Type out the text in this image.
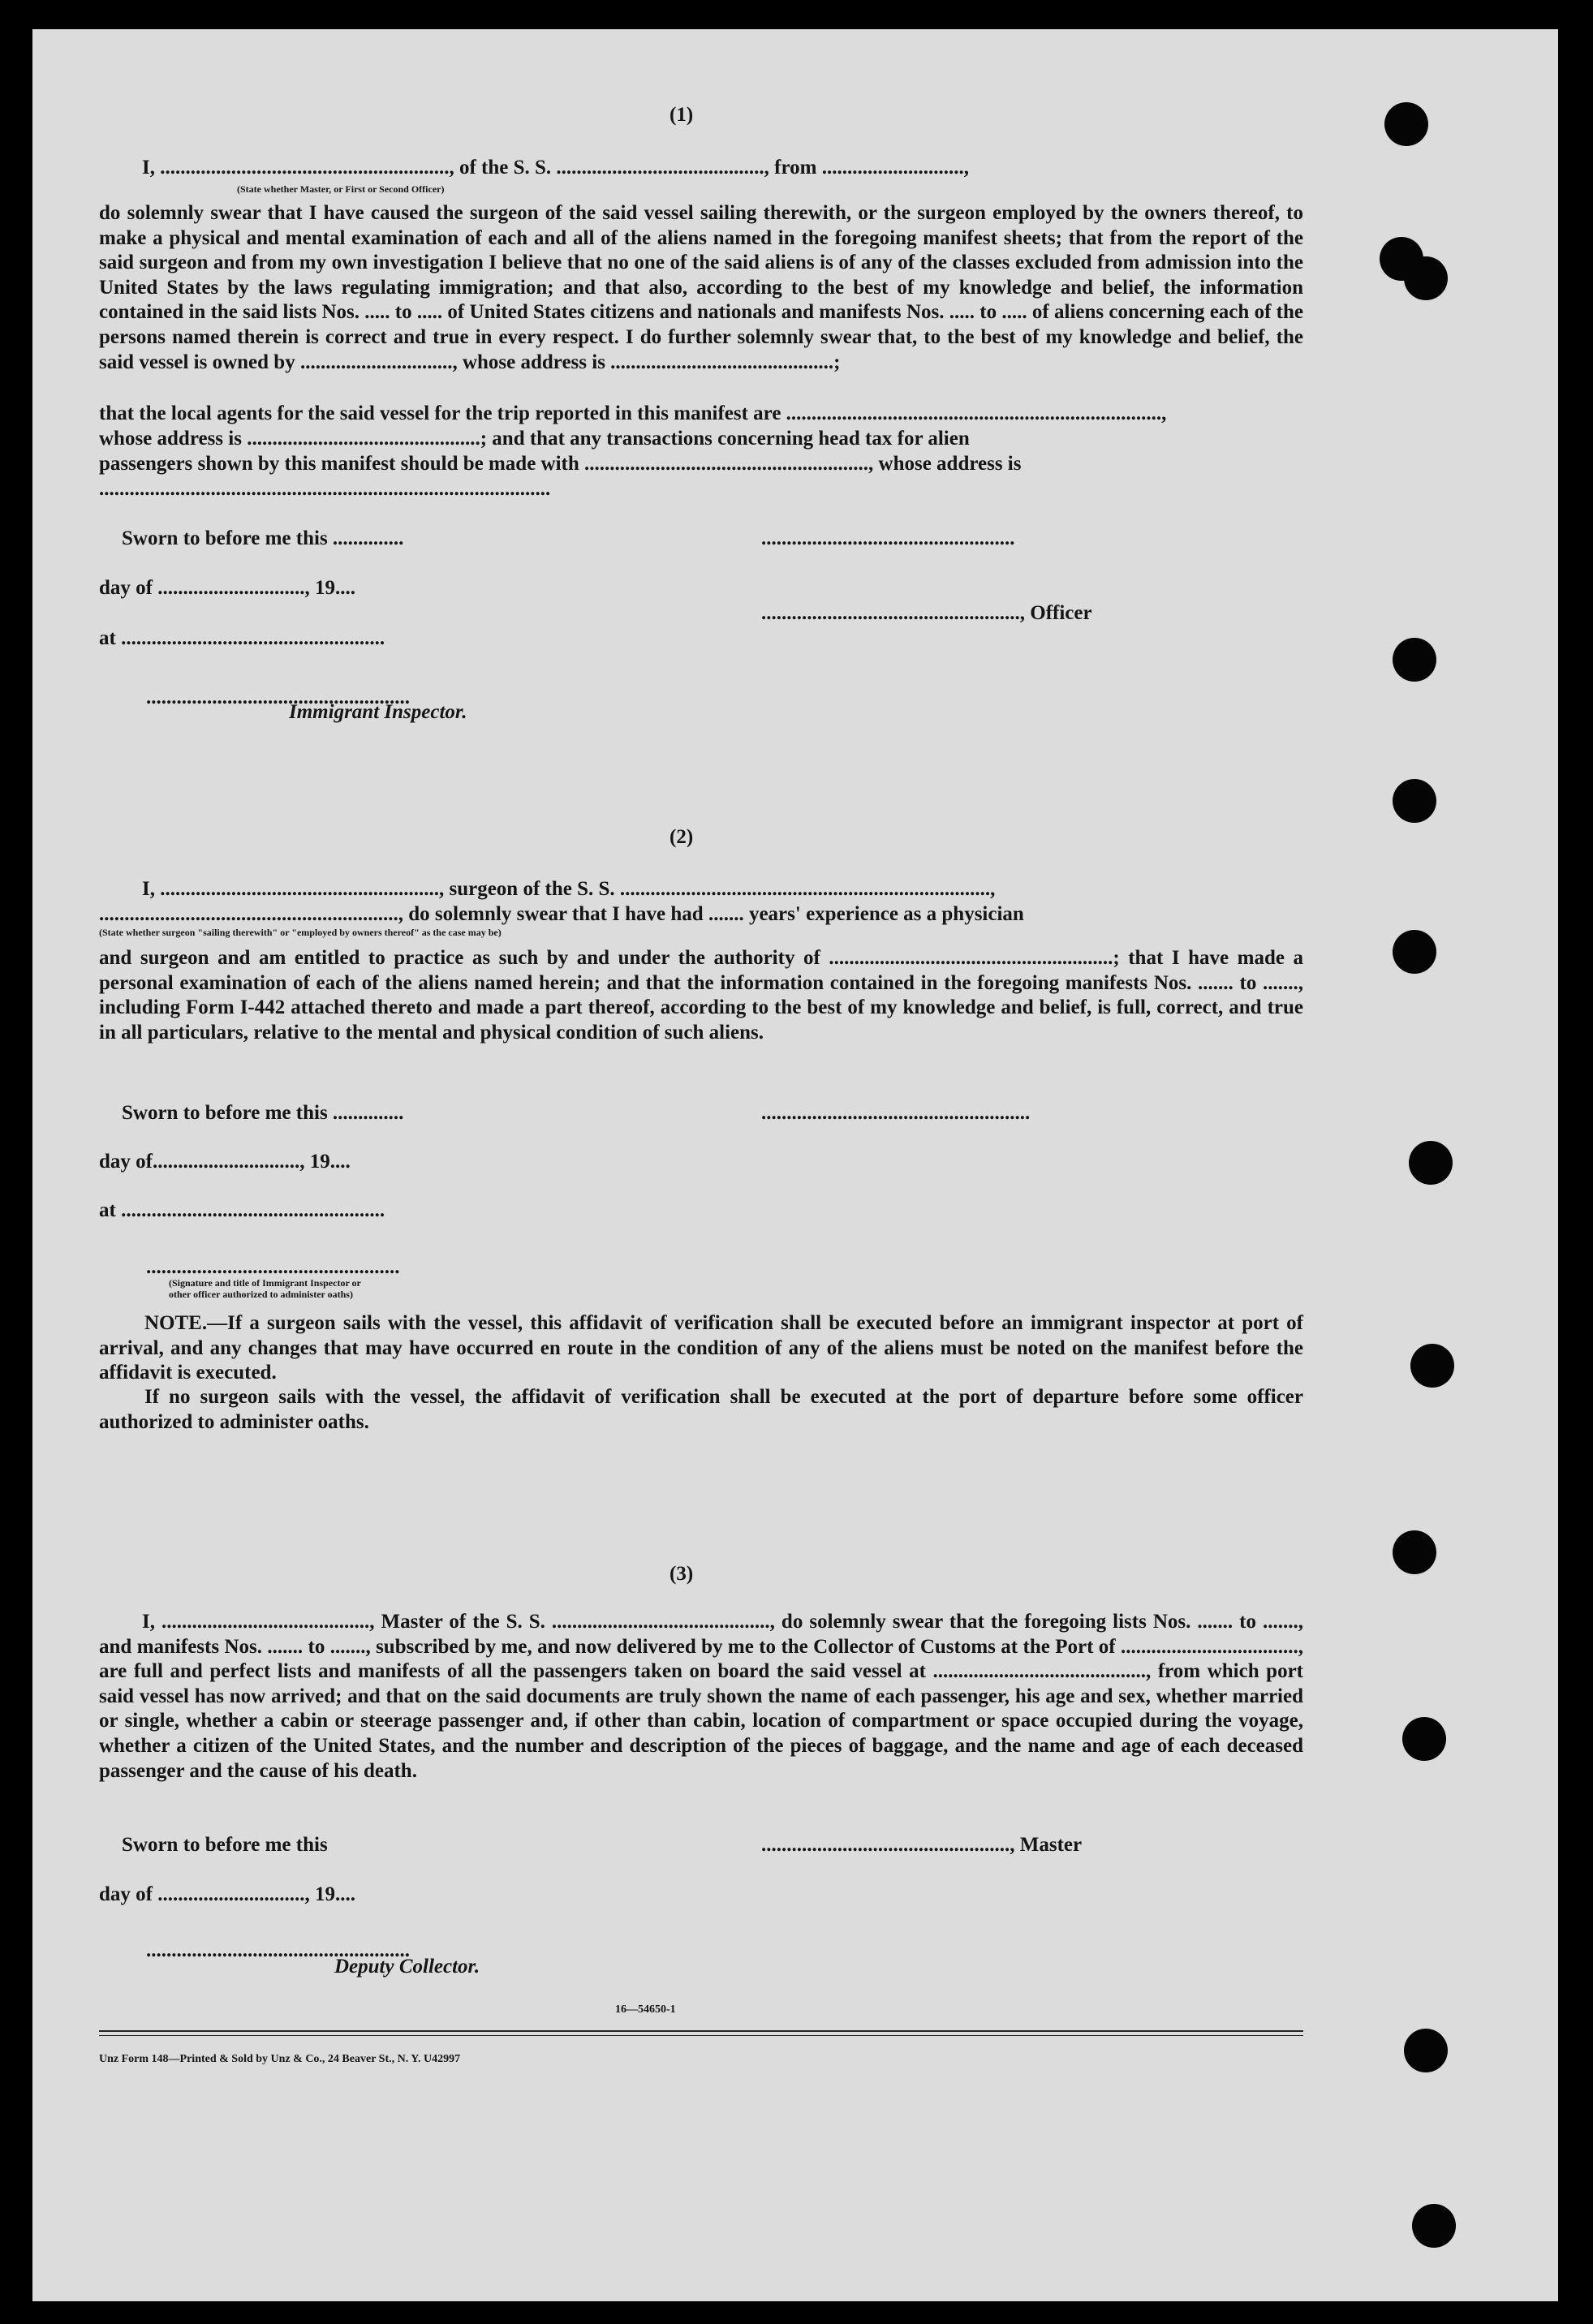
(1)
I, ........................................................., of the S. S. ........................................., from ............................,
(State whether Master, or First or Second Officer)
do solemnly swear that I have caused the surgeon of the said vessel sailing therewith, or the surgeon employed by the owners thereof, to make a physical and mental examination of each and all of the aliens named in the foregoing manifest sheets; that from the report of the said surgeon and from my own investigation I believe that no one of the said aliens is of any of the classes excluded from admission into the United States by the laws regulating immigration; and that also, according to the best of my knowledge and belief, the information contained in the said lists Nos. ..... to ..... of United States citizens and nationals and manifests Nos. ..... to ..... of aliens concerning each of the persons named therein is correct and true in every respect. I do further solemnly swear that, to the best of my knowledge and belief, the said vessel is owned by .............................., whose address is ............................................;
that the local agents for the said vessel for the trip reported in this manifest are ..........................................................................,
whose address is ..............................................; and that any transactions concerning head tax for alien
passengers shown by this manifest should be made with ........................................................, whose address is
.........................................................................................
Sworn to before me this ..............	..................................................
day of ............................., 19....
..................................................., Officer
at ....................................................
....................................................
Immigrant Inspector.
(2)
I, ......................................................., surgeon of the S. S. .........................................................................,
..........................................................., do solemnly swear that I have had ....... years' experience as a physician
(State whether surgeon "sailing therewith" or "employed by owners thereof" as the case may be)
and surgeon and am entitled to practice as such by and under the authority of ........................................................; that I have made a personal examination of each of the aliens named herein; and that the information contained in the foregoing manifests Nos. ....... to ......., including Form I-442 attached thereto and made a part thereof, according to the best of my knowledge and belief, is full, correct, and true in all particulars, relative to the mental and physical condition of such aliens.
Sworn to before me this ..............	.....................................................
day of............................., 19....
at ....................................................
..................................................
(Signature and title of Immigrant Inspector or
other officer authorized to administer oaths)
NOTE.—If a surgeon sails with the vessel, this affidavit of verification shall be executed before an immigrant inspector at port of arrival, and any changes that may have occurred en route in the condition of any of the aliens must be noted on the manifest before the affidavit is executed.
If no surgeon sails with the vessel, the affidavit of verification shall be executed at the port of departure before some officer authorized to administer oaths.
(3)
I, ........................................., Master of the S. S. ..........................................., do solemnly swear that the foregoing lists Nos. ....... to ......., and manifests Nos. ....... to ......., subscribed by me, and now delivered by me to the Collector of Customs at the Port of ..................................., are full and perfect lists and manifests of all the passengers taken on board the said vessel at .........................................., from which port said vessel has now arrived; and that on the said documents are truly shown the name of each passenger, his age and sex, whether married or single, whether a cabin or steerage passenger and, if other than cabin, location of compartment or space occupied during the voyage, whether a citizen of the United States, and the number and description of the pieces of baggage, and the name and age of each deceased passenger and the cause of his death.
Sworn to before me this	................................................., Master
day of ............................., 19....
....................................................
Deputy Collector.
16—54650-1
Unz Form 148—Printed & Sold by Unz & Co., 24 Beaver St., N. Y. U42997
